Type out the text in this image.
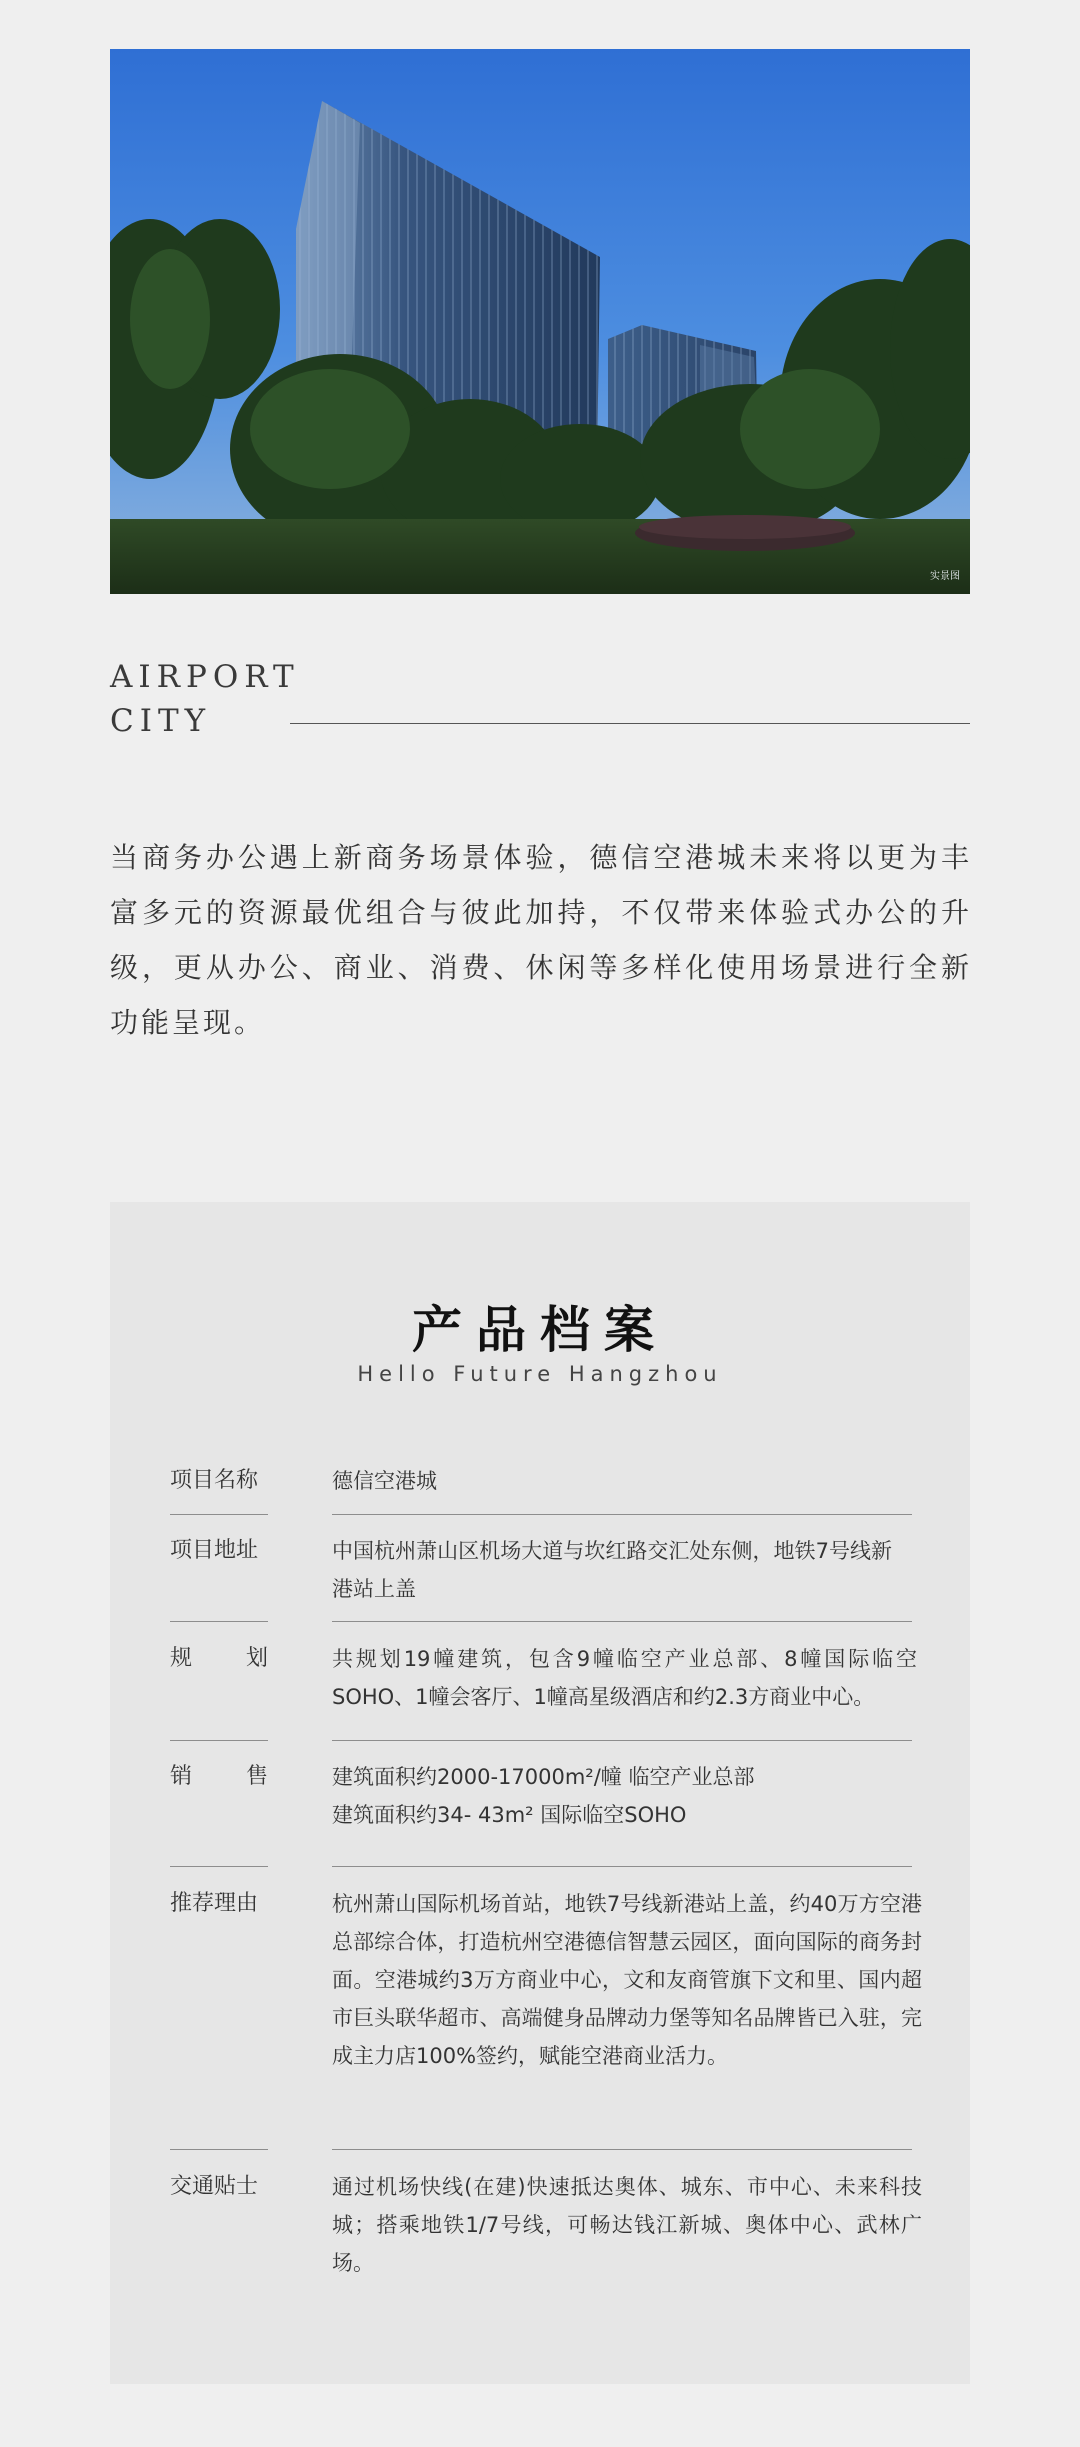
实景图
AIRPORT
CITY
当商务办公遇上新商务场景体验，德信空港城未来将以更为丰富多元的资源最优组合与彼此加持，不仅带来体验式办公的升级，更从办公、商业、消费、休闲等多样化使用场景进行全新功能呈现。
产品档案
Hello Future Hangzhou
项目名称	德信空港城
项目地址	中国杭州萧山区机场大道与坎红路交汇处东侧，地铁7号线新港站上盖
规划	共规划19幢建筑，包含9幢临空产业总部、8幢国际临空SOHO、1幢会客厅、1幢高星级酒店和约2.3方商业中心。
销售	建筑面积约2000-17000m²/幢 临空产业总部
建筑面积约34- 43m² 国际临空SOHO
推荐理由	杭州萧山国际机场首站，地铁7号线新港站上盖，约40万方空港总部综合体，打造杭州空港德信智慧云园区，面向国际的商务封面。空港城约3万方商业中心，文和友商管旗下文和里、国内超市巨头联华超市、高端健身品牌动力堡等知名品牌皆已入驻，完成主力店100%签约，赋能空港商业活力。
交通贴士	通过机场快线(在建)快速抵达奥体、城东、市中心、未来科技城；搭乘地铁1/7号线，可畅达钱江新城、奥体中心、武林广场。
